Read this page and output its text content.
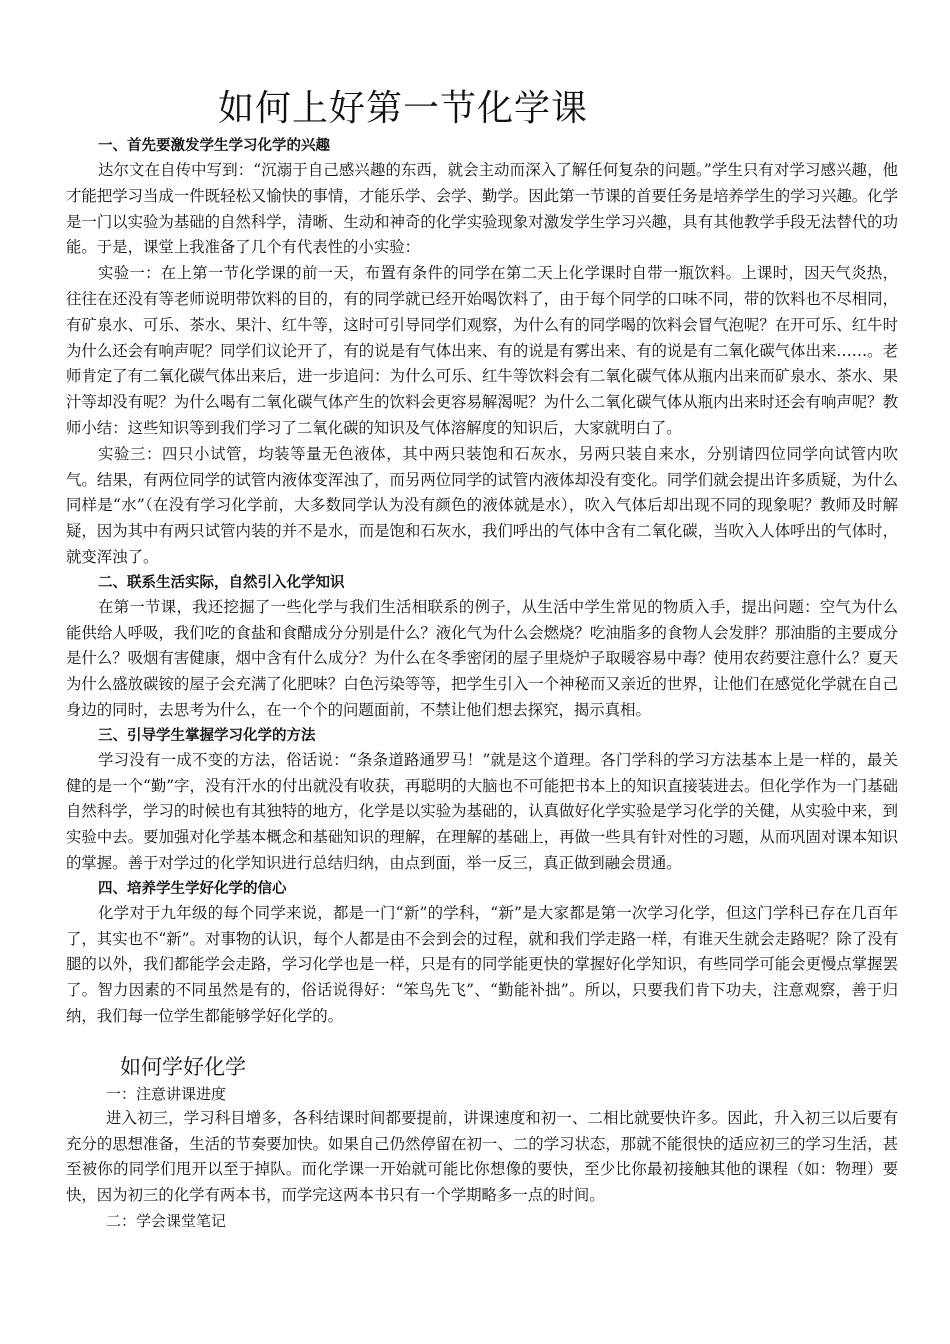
如何上好第一节化学课
一、首先要激发学生学习化学的兴趣

达尔文在自传中写到：“沉溺于自己感兴趣的东西，就会主动而深入了解任何复杂的问题。”学生只有对学习感兴趣，他才能把学习当成一件既轻松又愉快的事情，才能乐学、会学、勤学。因此第一节课的首要任务是培养学生的学习兴趣。化学是一门以实验为基础的自然科学，清晰、生动和神奇的化学实验现象对激发学生学习兴趣，具有其他教学手段无法替代的功能。于是，课堂上我准备了几个有代表性的小实验：

实验一：在上第一节化学课的前一天，布置有条件的同学在第二天上化学课时自带一瓶饮料。上课时，因天气炎热，往往在还没有等老师说明带饮料的目的，有的同学就已经开始喝饮料了，由于每个同学的口味不同，带的饮料也不尽相同，有矿泉水、可乐、茶水、果汁、红牛等，这时可引导同学们观察，为什么有的同学喝的饮料会冒气泡呢？在开可乐、红牛时为什么还会有响声呢？同学们议论开了，有的说是有气体出来、有的说是有雾出来、有的说是有二氧化碳气体出来……。老师肯定了有二氧化碳气体出来后，进一步追问：为什么可乐、红牛等饮料会有二氧化碳气体从瓶内出来而矿泉水、茶水、果汁等却没有呢？为什么喝有二氧化碳气体产生的饮料会更容易解渴呢？为什么二氧化碳气体从瓶内出来时还会有响声呢？教师小结：这些知识等到我们学习了二氧化碳的知识及气体溶解度的知识后，大家就明白了。

实验三：四只小试管，均装等量无色液体，其中两只装饱和石灰水，另两只装自来水，分别请四位同学向试管内吹气。结果，有两位同学的试管内液体变浑浊了，而另两位同学的试管内液体却没有变化。同学们就会提出许多质疑，为什么同样是“水”（在没有学习化学前，大多数同学认为没有颜色的液体就是水），吹入气体后却出现不同的现象呢？教师及时解疑，因为其中有两只试管内装的并不是水，而是饱和石灰水，我们呼出的气体中含有二氧化碳，当吹入人体呼出的气体时，就变浑浊了。

二、联系生活实际，自然引入化学知识

在第一节课，我还挖掘了一些化学与我们生活相联系的例子，从生活中学生常见的物质入手，提出问题：空气为什么能供给人呼吸，我们吃的食盐和食醋成分分别是什么？液化气为什么会燃烧？吃油脂多的食物人会发胖？那油脂的主要成分是什么？吸烟有害健康，烟中含有什么成分？为什么在冬季密闭的屋子里烧炉子取暖容易中毒？使用农药要注意什么？夏天为什么盛放碳铵的屋子会充满了化肥味？白色污染等等，把学生引入一个神秘而又亲近的世界，让他们在感觉化学就在自己身边的同时，去思考为什么，在一个个的问题面前，不禁让他们想去探究，揭示真相。

三、引导学生掌握学习化学的方法

学习没有一成不变的方法，俗话说：“条条道路通罗马！”就是这个道理。各门学科的学习方法基本上是一样的，最关健的是一个“勤”字，没有汗水的付出就没有收获，再聪明的大脑也不可能把书本上的知识直接装进去。但化学作为一门基础自然科学，学习的时候也有其独特的地方，化学是以实验为基础的，认真做好化学实验是学习化学的关健，从实验中来，到实验中去。要加强对化学基本概念和基础知识的理解，在理解的基础上，再做一些具有针对性的习题，从而巩固对课本知识的掌握。善于对学过的化学知识进行总结归纳，由点到面，举一反三，真正做到融会贯通。

四、培养学生学好化学的信心

化学对于九年级的每个同学来说，都是一门“新”的学科，“新”是大家都是第一次学习化学，但这门学科已存在几百年了，其实也不“新”。对事物的认识，每个人都是由不会到会的过程，就和我们学走路一样，有谁天生就会走路呢？除了没有腿的以外，我们都能学会走路，学习化学也是一样，只是有的同学能更快的掌握好化学知识，有些同学可能会更慢点掌握罢了。智力因素的不同虽然是有的，俗话说得好：“笨鸟先飞”、“勤能补拙”。所以，只要我们肯下功夫，注意观察，善于归纳，我们每一位学生都能够学好化学的。

如何学好化学
一：注意讲课进度

进入初三，学习科目增多，各科结课时间都要提前，讲课速度和初一、二相比就要快许多。因此，升入初三以后要有充分的思想准备，生活的节奏要加快。如果自己仍然停留在初一、二的学习状态，那就不能很快的适应初三的学习生活，甚至被你的同学们甩开以至于掉队。而化学课一开始就可能比你想像的要快，至少比你最初接触其他的课程（如：物理）要快，因为初三的化学有两本书，而学完这两本书只有一个学期略多一点的时间。

二：学会课堂笔记
